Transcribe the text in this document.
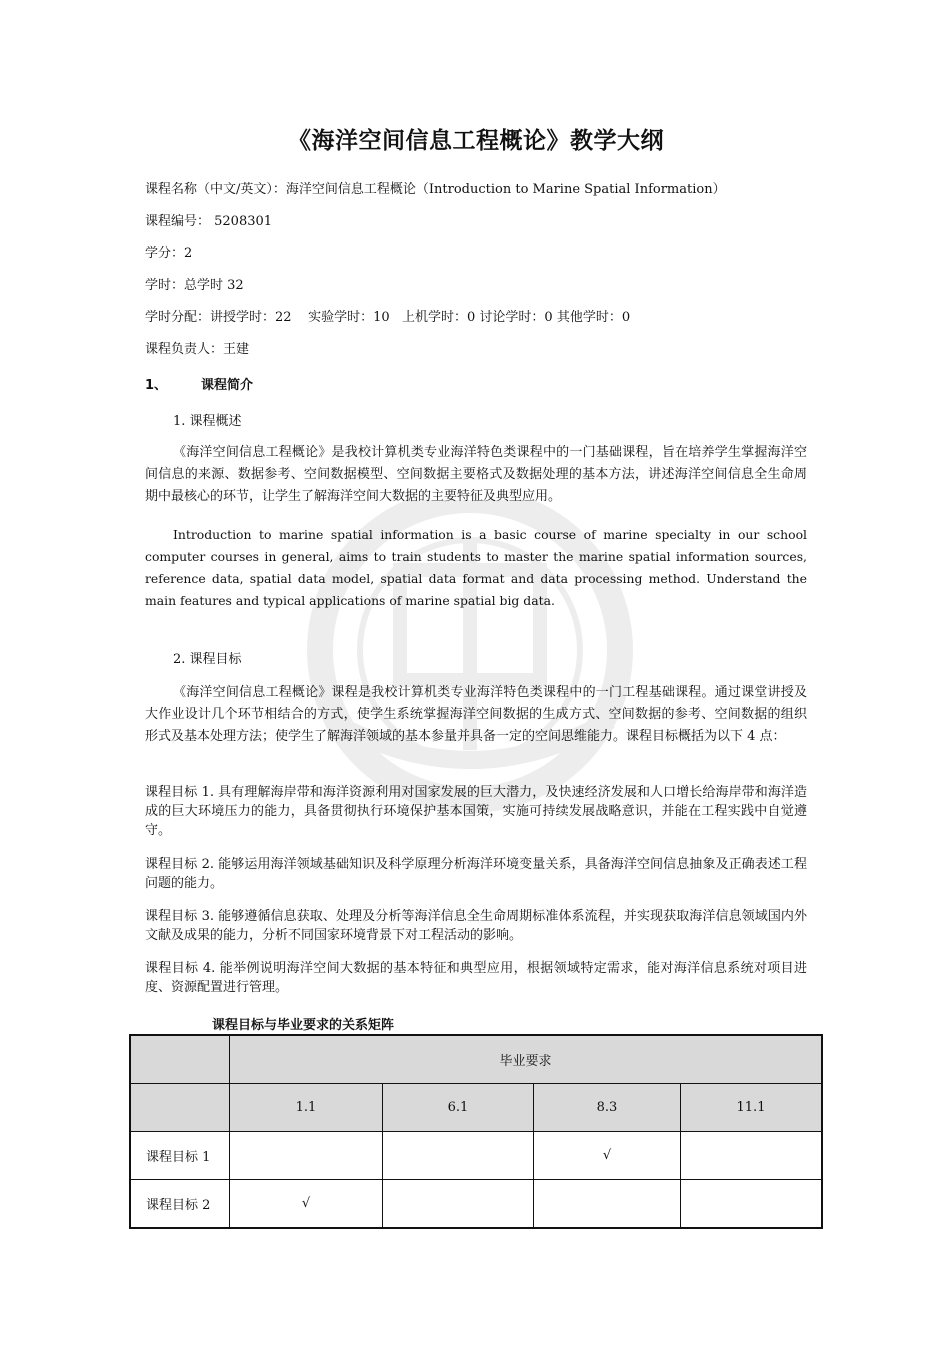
《海洋空间信息工程概论》教学大纲
课程名称（中文/英文）：海洋空间信息工程概论（Introduction to Marine Spatial Information）
课程编号： 5208301
学分：2
学时：总学时 32
学时分配：讲授学时：22    实验学时：10   上机学时：0 讨论学时：0 其他学时：0
课程负责人：王建
1、	课程简介
1. 课程概述
《海洋空间信息工程概论》是我校计算机类专业海洋特色类课程中的一门基础课程，旨在培养学生掌握海洋空间信息的来源、数据参考、空间数据模型、空间数据主要格式及数据处理的基本方法，讲述海洋空间信息全生命周期中最核心的环节，让学生了解海洋空间大数据的主要特征及典型应用。
Introduction to marine spatial information is a basic course of marine specialty in our school computer courses in general, aims to train students to master the marine spatial information sources, reference data, spatial data model, spatial data format and data processing method. Understand the main features and typical applications of marine spatial big data.
2. 课程目标
《海洋空间信息工程概论》课程是我校计算机类专业海洋特色类课程中的一门工程基础课程。通过课堂讲授及大作业设计几个环节相结合的方式，使学生系统掌握海洋空间数据的生成方式、空间数据的参考、空间数据的组织形式及基本处理方法；使学生了解海洋领域的基本参量并具备一定的空间思维能力。课程目标概括为以下 4 点：
课程目标 1. 具有理解海岸带和海洋资源利用对国家发展的巨大潜力，及快速经济发展和人口增长给海岸带和海洋造成的巨大环境压力的能力，具备贯彻执行环境保护基本国策，实施可持续发展战略意识，并能在工程实践中自觉遵守。
课程目标 2. 能够运用海洋领域基础知识及科学原理分析海洋环境变量关系，具备海洋空间信息抽象及正确表述工程问题的能力。
课程目标 3. 能够遵循信息获取、处理及分析等海洋信息全生命周期标准体系流程，并实现获取海洋信息领域国内外文献及成果的能力，分析不同国家环境背景下对工程活动的影响。
课程目标 4. 能举例说明海洋空间大数据的基本特征和典型应用，根据领域特定需求，能对海洋信息系统对项目进度、资源配置进行管理。
课程目标与毕业要求的关系矩阵
	毕业要求			
	1.1	6.1	8.3	11.1
课程目标 1			√	
课程目标 2	√			
